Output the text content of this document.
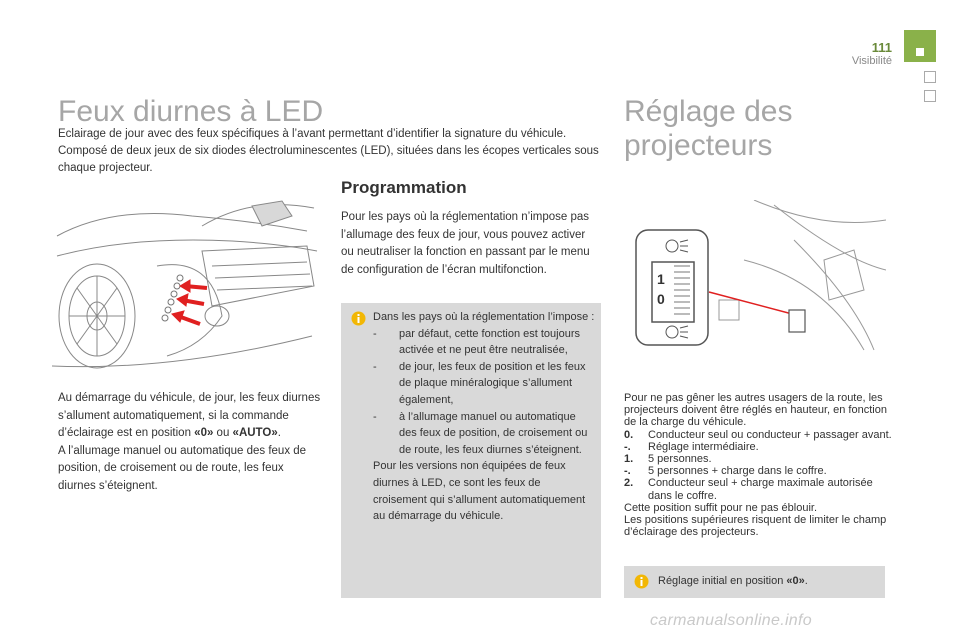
111
Visibilité
Feux diurnes à LED
Eclairage de jour avec des feux spécifiques à l’avant permettant d’identifier la signature du véhicule. Composé de deux jeux de six diodes électroluminescentes (LED), situées dans les écopes verticales sous chaque projecteur.
Au démarrage du véhicule, de jour, les feux diurnes s’allument automatiquement, si la commande d’éclairage est en position «0» ou «AUTO».
A l’allumage manuel ou automatique des feux de position, de croisement ou de route, les feux diurnes s’éteignent.
Programmation
Pour les pays où la réglementation n’impose pas l’allumage des feux de jour, vous pouvez activer ou neutraliser la fonction en passant par le menu de configuration de l’écran multifonction.
Dans les pays où la réglementation l’impose :
-	par défaut, cette fonction est toujours activée et ne peut être neutralisée,
-	de jour, les feux de position et les feux de plaque minéralogique s’allument également,
-	à l’allumage manuel ou automatique des feux de position, de croisement ou de route, les feux diurnes s’éteignent.
Pour les versions non équipées de feux diurnes à LED, ce sont les feux de croisement qui s’allument automatiquement au démarrage du véhicule.
Réglage des projecteurs
1
0
Pour ne pas gêner les autres usagers de la route, les projecteurs doivent être réglés en hauteur, en fonction de la charge du véhicule.
0.	Conducteur seul ou conducteur + passager avant.
-.	Réglage intermédiaire.
1.	5 personnes.
-.	5 personnes + charge dans le coffre.
2.	Conducteur seul + charge maximale autorisée dans le coffre.
Cette position suffit pour ne pas éblouir.
Les positions supérieures risquent de limiter le champ d’éclairage des projecteurs.
Réglage initial en position «0».
carmanualsonline.info
